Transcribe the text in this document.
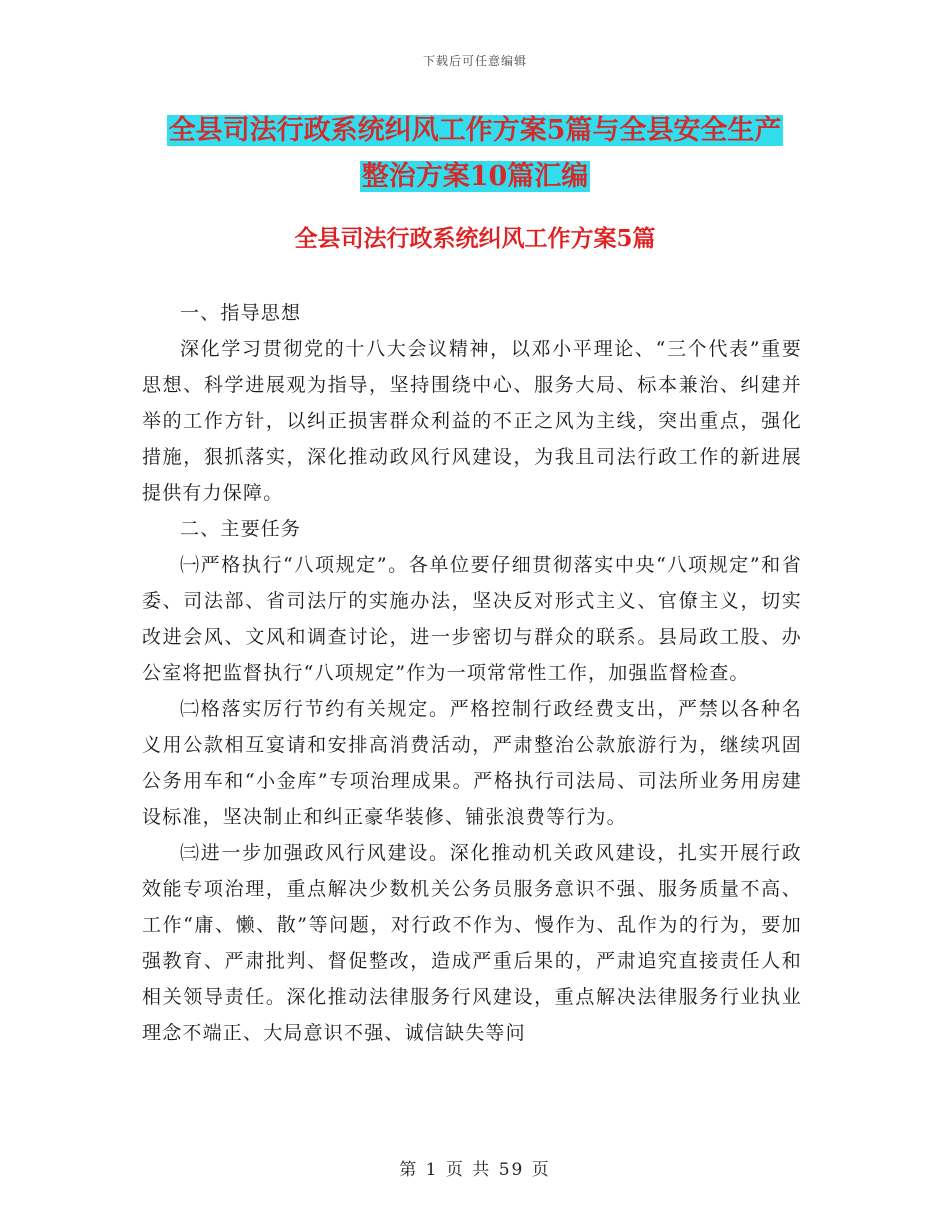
下载后可任意编辑
全县司法行政系统纠风工作方案5篇与全县安全生产
整治方案10篇汇编
全县司法行政系统纠风工作方案5篇

一、指导思想

深化学习贯彻党的十八大会议精神，以邓小平理论、“三个代表”重要思想、科学进展观为指导，坚持围绕中心、服务大局、标本兼治、纠建并举的工作方针，以纠正损害群众利益的不正之风为主线，突出重点，强化措施，狠抓落实，深化推动政风行风建设，为我且司法行政工作的新进展提供有力保障。

二、主要任务

㈠严格执行“八项规定”。各单位要仔细贯彻落实中央“八项规定”和省委、司法部、省司法厅的实施办法，坚决反对形式主义、官僚主义，切实改进会风、文风和调查讨论，进一步密切与群众的联系。县局政工股、办公室将把监督执行“八项规定”作为一项常常性工作，加强监督检查。

㈡格落实厉行节约有关规定。严格控制行政经费支出，严禁以各种名义用公款相互宴请和安排高消费活动，严肃整治公款旅游行为，继续巩固公务用车和“小金库”专项治理成果。严格执行司法局、司法所业务用房建设标准，坚决制止和纠正豪华装修、铺张浪费等行为。

㈢进一步加强政风行风建设。深化推动机关政风建设，扎实开展行政效能专项治理，重点解决少数机关公务员服务意识不强、服务质量不高、工作“庸、懒、散”等问题，对行政不作为、慢作为、乱作为的行为，要加强教育、严肃批判、督促整改，造成严重后果的，严肃追究直接责任人和相关领导责任。深化推动法律服务行风建设，重点解决法律服务行业执业理念不端正、大局意识不强、诚信缺失等问

第 1 页 共 59 页
